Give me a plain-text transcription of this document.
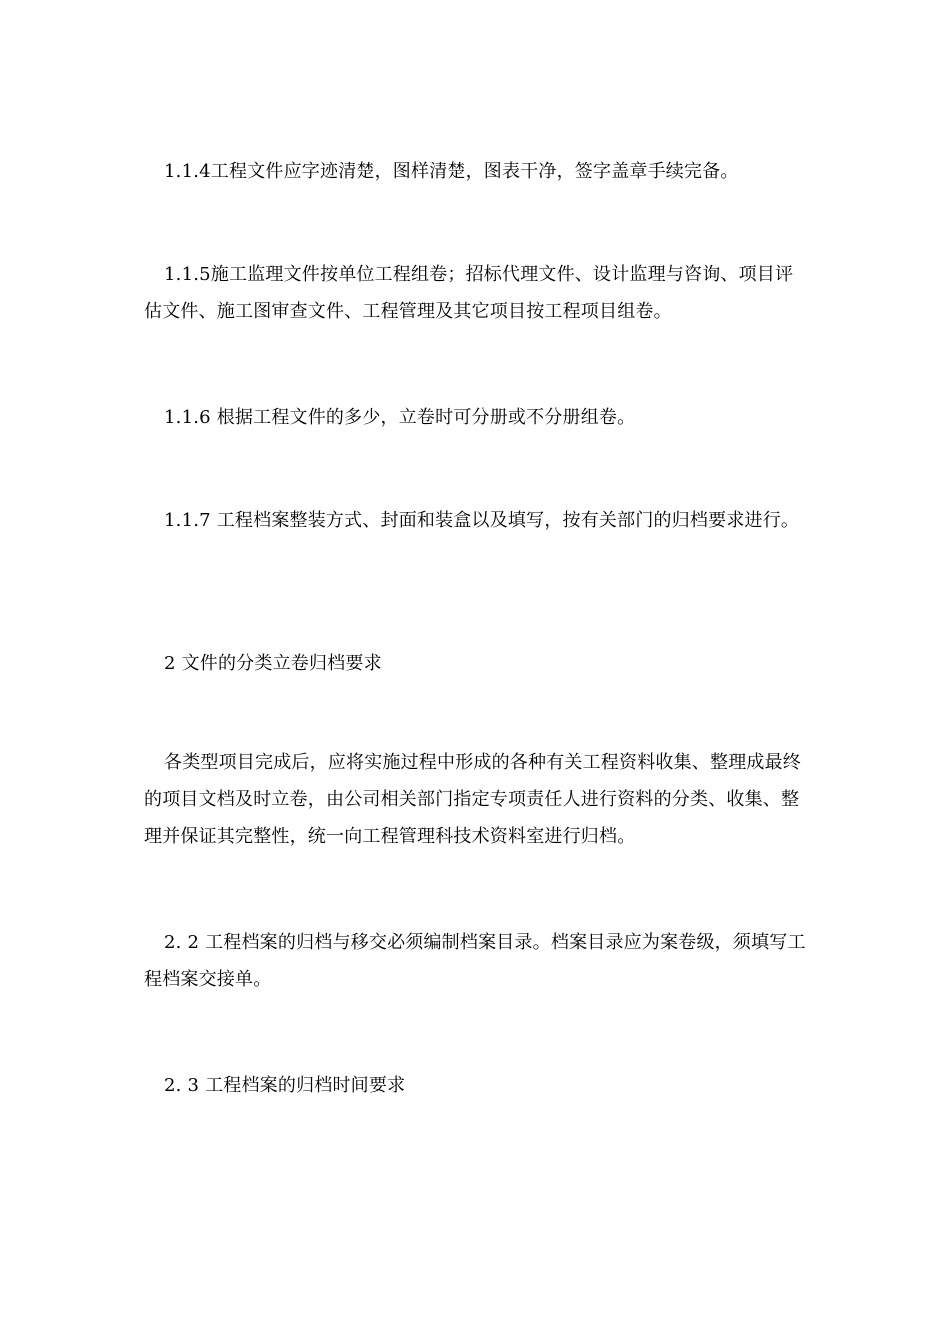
1.1.4工程文件应字迹清楚，图样清楚，图表干净，签字盖章手续完备。

1.1.5施工监理文件按单位工程组卷；招标代理文件、设计监理与咨询、项目评估文件、施工图审查文件、工程管理及其它项目按工程项目组卷。

1.1.6 根据工程文件的多少，立卷时可分册或不分册组卷。

1.1.7 工程档案整装方式、封面和装盒以及填写，按有关部门的归档要求进行。

2 文件的分类立卷归档要求

各类型项目完成后，应将实施过程中形成的各种有关工程资料收集、整理成最终的项目文档及时立卷，由公司相关部门指定专项责任人进行资料的分类、收集、整理并保证其完整性，统一向工程管理科技术资料室进行归档。

2. 2 工程档案的归档与移交必须编制档案目录。档案目录应为案卷级，须填写工程档案交接单。

2. 3 工程档案的归档时间要求
